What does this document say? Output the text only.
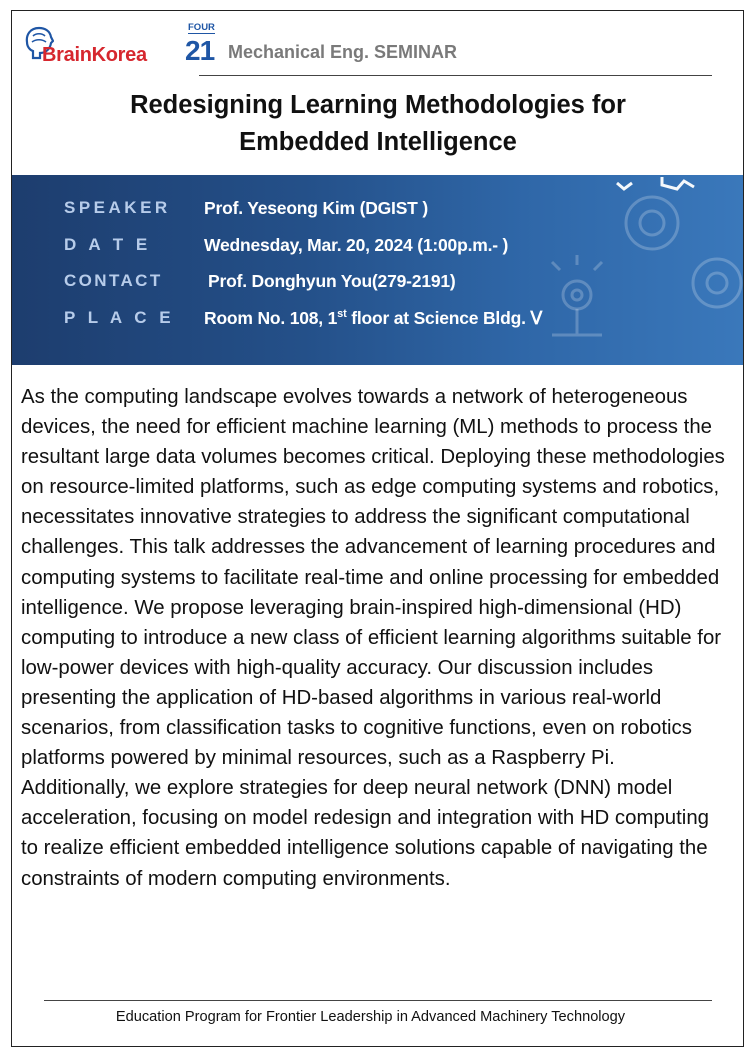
BrainKorea
FOUR
21 Mechanical Eng. SEMINAR
Redesigning Learning Methodologies for
Embedded Intelligence
SPEAKER Prof. Yeseong Kim (DGIST )
D A T E	Wednesday, Mar. 20, 2024 (1:00p.m.- )
CONTACT	Prof. Donghyun You(279-2191)
P L A C E Room No. 108, 1st floor at Science Bldg. Ⅴ

As the computing landscape evolves towards a network of heterogeneous devices, the need for efficient machine learning (ML) methods to process the resultant large data volumes becomes critical. Deploying these methodologies on resource-limited platforms, such as edge computing systems and robotics, necessitates innovative strategies to address the significant computational challenges. This talk addresses the advancement of learning procedures and computing systems to facilitate real-time and online processing for embedded intelligence. We propose leveraging brain-inspired high-dimensional (HD) computing to introduce a new class of efficient learning algorithms suitable for low-power devices with high-quality accuracy. Our discussion includes presenting the application of HD-based algorithms in various real-world scenarios, from classification tasks to cognitive functions, even on robotics platforms powered by minimal resources, such as a Raspberry Pi. Additionally, we explore strategies for deep neural network (DNN) model acceleration, focusing on model redesign and integration with HD computing to realize efficient embedded intelligence solutions capable of navigating the constraints of modern computing environments.

Education Program for Frontier Leadership in Advanced Machinery Technology
